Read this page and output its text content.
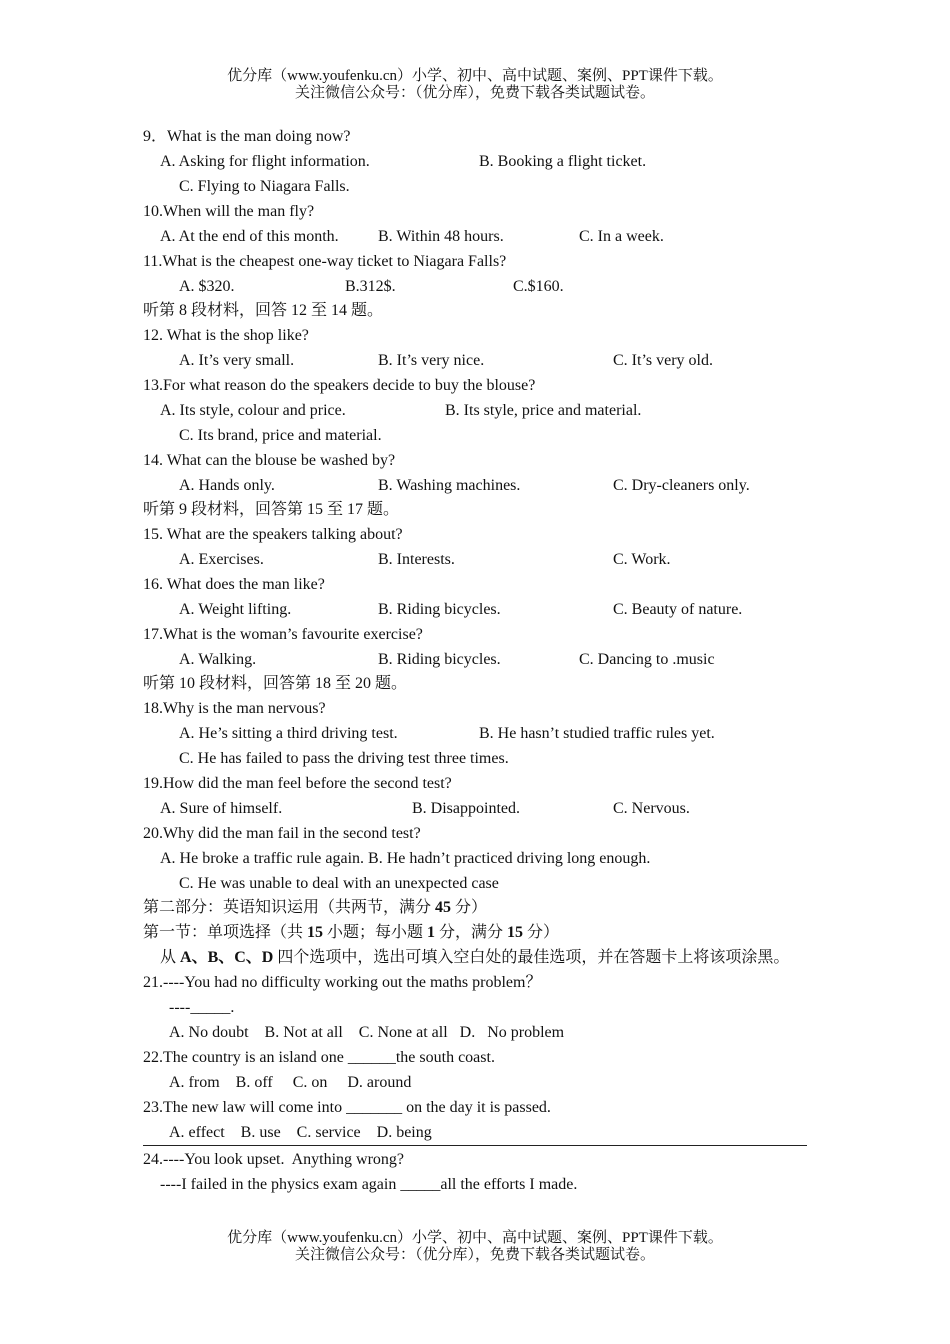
优分库（www.youfenku.cn）小学、初中、高中试题、案例、PPT课件下载。
关注微信公众号：（优分库），免费下载各类试题试卷。
9．What is the man doing now?
A. Asking for flight information.	B. Booking a flight ticket.
C. Flying to Niagara Falls.
10.When will the man fly?
A. At the end of this month. B. Within 48 hours.	C. In a week.
11.What is the cheapest one-way ticket to Niagara Falls?
A. $320.	B.312$.	C.$160.
听第 8 段材料，回答 12 至 14 题。
12. What is the shop like?
A. It’s very small.	B. It’s very nice.	C. It’s very old.
13.For what reason do the speakers decide to buy the blouse?
A. Its style, colour and price.	B. Its style, price and material.
C. Its brand, price and material.
14. What can the blouse be washed by?
A. Hands only.	B. Washing machines.	C. Dry-cleaners only.
听第 9 段材料，回答第 15 至 17 题。
15. What are the speakers talking about?
A. Exercises.	B. Interests.	C. Work.
16. What does the man like?
A. Weight lifting.	B. Riding bicycles.	C. Beauty of nature.
17.What is the woman’s favourite exercise?
A. Walking.	B. Riding bicycles.	C. Dancing to .music
听第 10 段材料，回答第 18 至 20 题。
18.Why is the man nervous?
A. He’s sitting a third driving test.	B. He hasn’t studied traffic rules yet.
C. He has failed to pass the driving test three times.
19.How did the man feel before the second test?
A. Sure of himself.	B. Disappointed.	C. Nervous.
20.Why did the man fail in the second test?
A. He broke a traffic rule again. B. He hadn’t practiced driving long enough.
C. He was unable to deal with an unexpected case
第二部分：英语知识运用（共两节，满分 45 分）
第一节：单项选择（共 15 小题；每小题 1 分，满分 15 分）
从 A、B、C、D 四个选项中，选出可填入空白处的最佳选项，并在答题卡上将该项涂黑。
21.----You had no difficulty working out the maths problem？
----_____.
A. No doubt    B. Not at all    C. None at all   D.   No problem
22.The country is an island one ______the south coast.
A. from    B. off     C. on     D. around
23.The new law will come into _______ on the day it is passed.
A. effect    B. use    C. service    D. being
24.----You look upset.  Anything wrong?
----I failed in the physics exam again _____all the efforts I made.
优分库（www.youfenku.cn）小学、初中、高中试题、案例、PPT课件下载。
关注微信公众号：（优分库），免费下载各类试题试卷。
